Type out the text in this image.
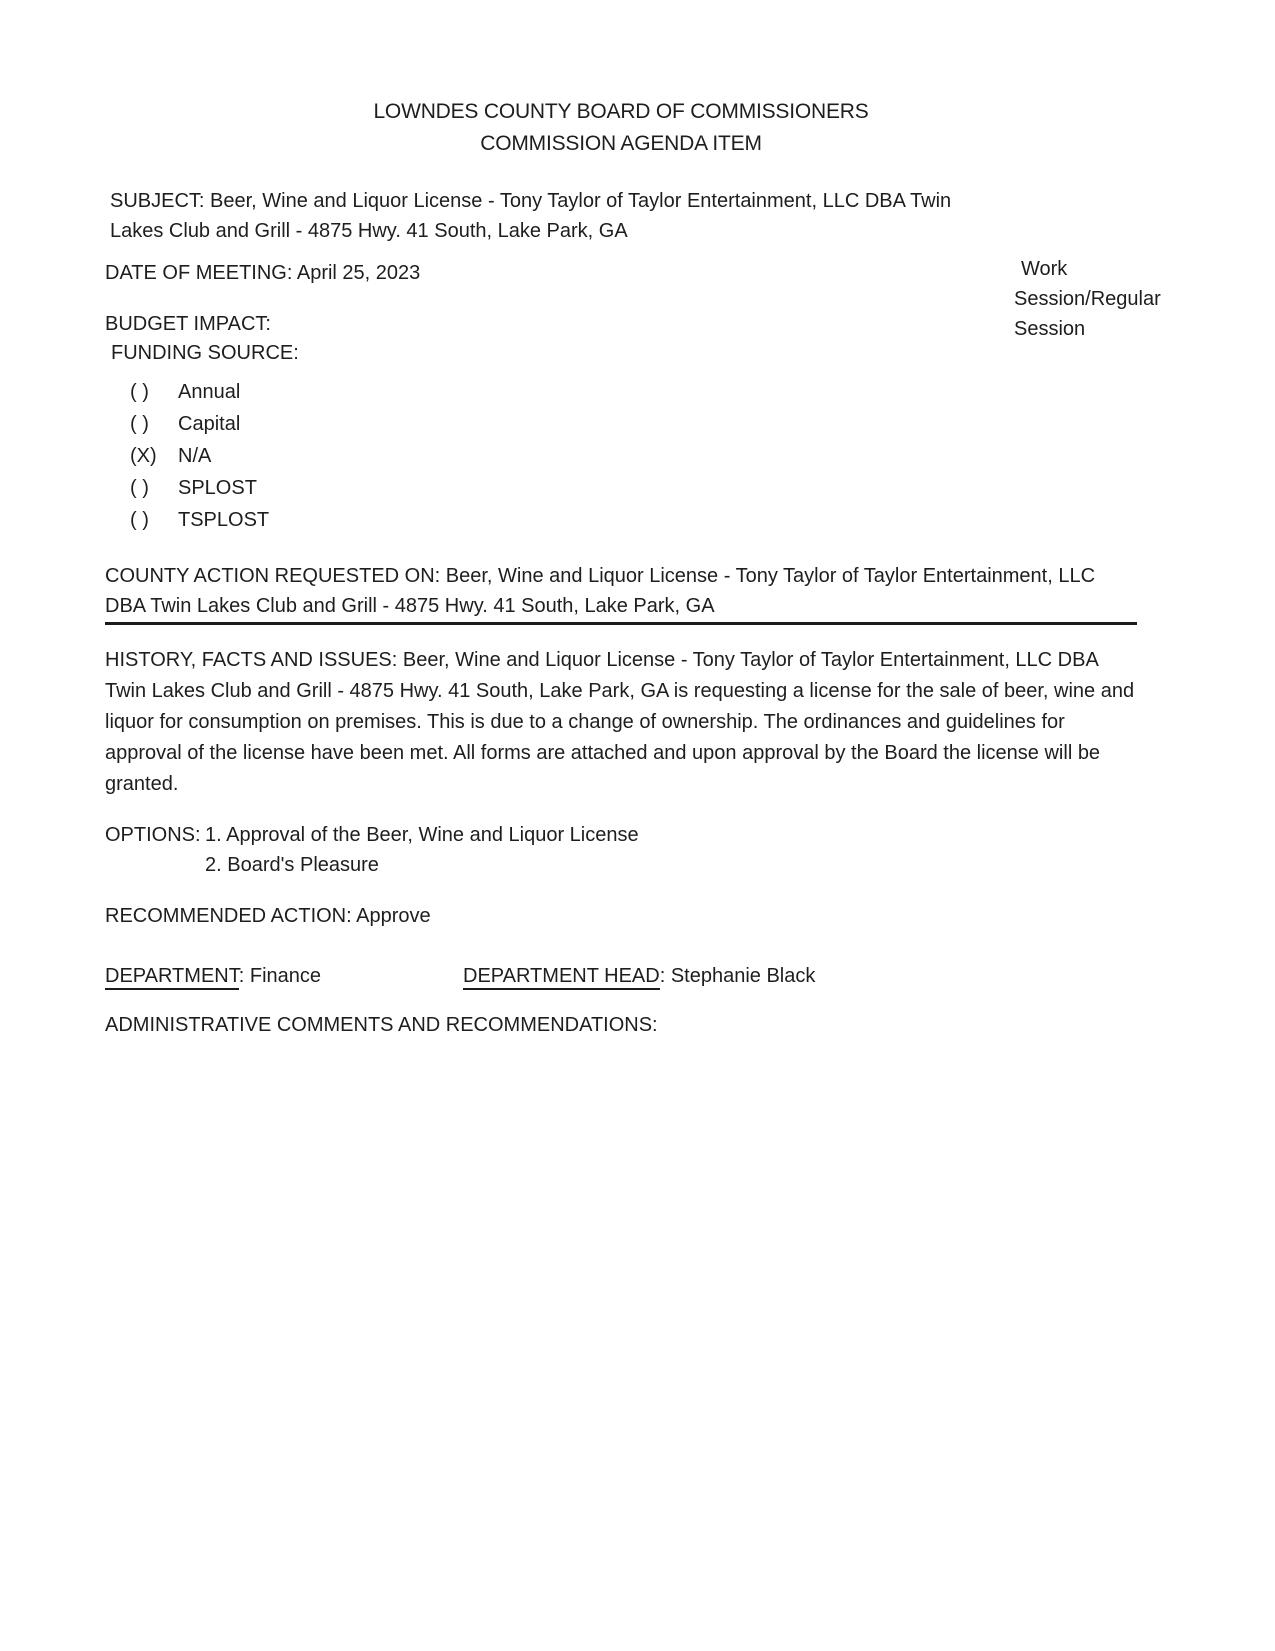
LOWNDES COUNTY BOARD OF COMMISSIONERS
COMMISSION AGENDA ITEM

SUBJECT: Beer, Wine and Liquor License - Tony Taylor of Taylor Entertainment, LLC DBA Twin Lakes Club and Grill - 4875 Hwy. 41 South, Lake Park, GA

DATE OF MEETING: April 25, 2023
BUDGET IMPACT:
FUNDING SOURCE:
( )	Annual
( )	Capital
(X)	N/A
( )	SPLOST
( )	TSPLOST

COUNTY ACTION REQUESTED ON: Beer, Wine and Liquor License - Tony Taylor of Taylor Entertainment, LLC DBA Twin Lakes Club and Grill - 4875 Hwy. 41 South, Lake Park, GA

HISTORY, FACTS AND ISSUES: Beer, Wine and Liquor License - Tony Taylor of Taylor Entertainment, LLC DBA Twin Lakes Club and Grill - 4875 Hwy. 41 South, Lake Park, GA is requesting a license for the sale of beer, wine and liquor for consumption on premises. This is due to a change of ownership. The ordinances and guidelines for approval of the license have been met. All forms are attached and upon approval by the Board the license will be granted.

OPTIONS: 1. Approval of the Beer, Wine and Liquor License
2. Board's Pleasure
RECOMMENDED ACTION: Approve
DEPARTMENT: Finance	DEPARTMENT HEAD: Stephanie Black
ADMINISTRATIVE COMMENTS AND RECOMMENDATIONS:
Work Session/Regular Session
